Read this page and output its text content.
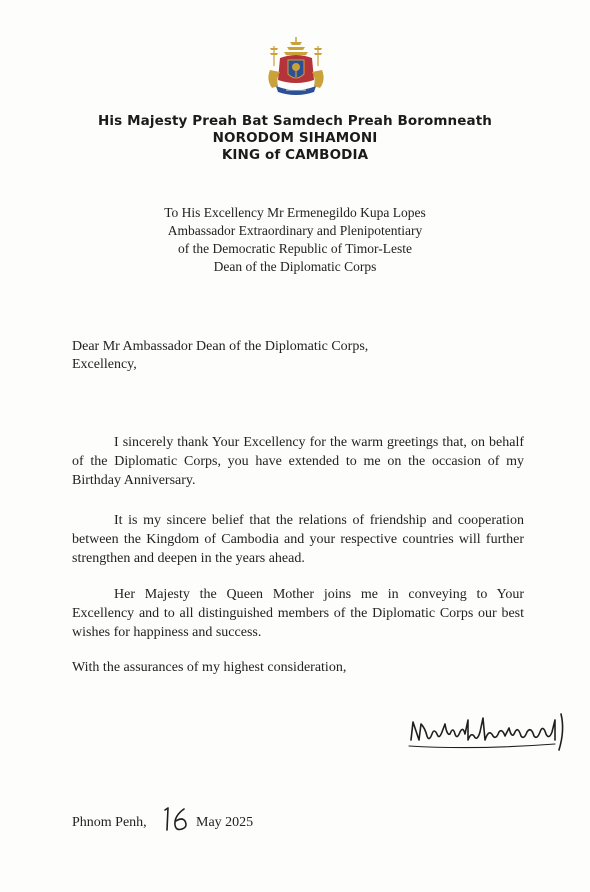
His Majesty Preah Bat Samdech Preah Boromneath
NORODOM SIHAMONI
KING of CAMBODIA
To His Excellency Mr Ermenegildo Kupa Lopes
Ambassador Extraordinary and Plenipotentiary
of the Democratic Republic of Timor-Leste
Dean of the Diplomatic Corps
Dear Mr Ambassador Dean of the Diplomatic Corps,
Excellency,

I sincerely thank Your Excellency for the warm greetings that, on behalf of the Diplomatic Corps, you have extended to me on the occasion of my Birthday Anniversary.

It is my sincere belief that the relations of friendship and cooperation between the Kingdom of Cambodia and your respective countries will further strengthen and deepen in the years ahead.

Her Majesty the Queen Mother joins me in conveying to Your Excellency and to all distinguished members of the Diplomatic Corps our best wishes for happiness and success.

With the assurances of my highest consideration,
Phnom Penh,	May 2025
